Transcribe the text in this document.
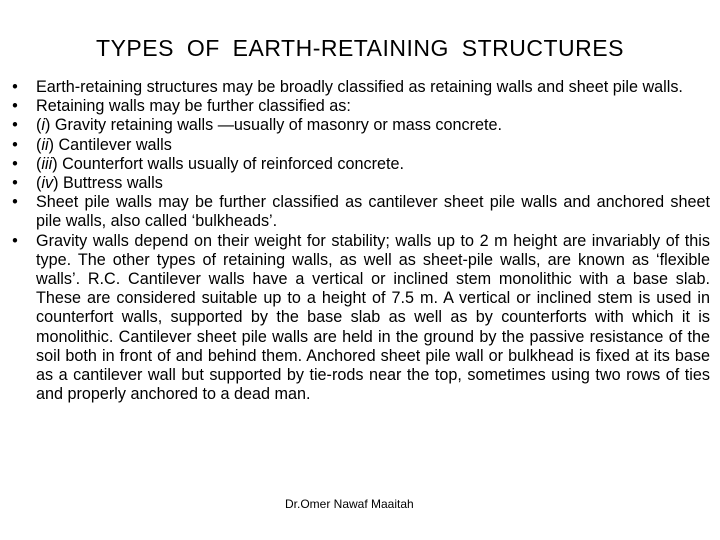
TYPES OF EARTH-RETAINING STRUCTURES
• Earth-retaining structures may be broadly classified as retaining walls and sheet pile walls.
• Retaining walls may be further classified as:
• (i) Gravity retaining walls —usually of masonry or mass concrete.
• (ii) Cantilever walls
• (iii) Counterfort walls usually of reinforced concrete.
• (iv) Buttress walls
• Sheet pile walls may be further classified as cantilever sheet pile walls and anchored sheet pile walls, also called ‘bulkheads’.
• Gravity walls depend on their weight for stability; walls up to 2 m height are invariably of this type. The other types of retaining walls, as well as sheet-pile walls, are known as ‘flexible walls’. R.C. Cantilever walls have a vertical or inclined stem monolithic with a base slab. These are considered suitable up to a height of 7.5 m. A vertical or inclined stem is used in counterfort walls, supported by the base slab as well as by counterforts with which it is monolithic. Cantilever sheet pile walls are held in the ground by the passive resistance of the soil both in front of and behind them. Anchored sheet pile wall or bulkhead is fixed at its base as a cantilever wall but supported by tie-rods near the top, sometimes using two rows of ties and properly anchored to a dead man.
Dr.Omer Nawaf Maaitah
